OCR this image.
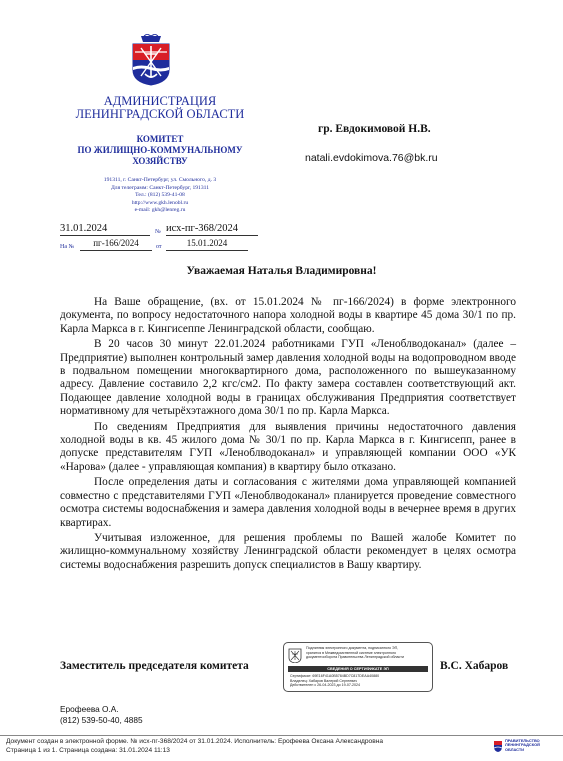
АДМИНИСТРАЦИЯ
ЛЕНИНГРАДСКОЙ ОБЛАСТИ
КОМИТЕТ
ПО ЖИЛИЩНО-КОММУНАЛЬНОМУ
ХОЗЯЙСТВУ
191311, г. Санкт-Петербург, ул. Смольного, д. 3
Для телеграмм: Санкт-Петербург, 191311
Тел.: (812) 539-41-08
http://www.gkh.lenobl.ru
e-mail: gkh@lenreg.ru
31.01.2024	№ исх-пг-368/2024
На №	пг-166/2024	от	15.01.2024
гр. Евдокимовой Н.В.
natali.evdokimova.76@bk.ru
Уважаемая Наталья Владимировна!

На Ваше обращение, (вх. от 15.01.2024 № пг-166/2024) в форме электронного документа, по вопросу недостаточного напора холодной воды в квартире 45 дома 30/1 по пр. Карла Маркса в г. Кингисеппе Ленинградской области, сообщаю.

В 20 часов 30 минут 22.01.2024 работниками ГУП «Леноблводоканал» (далее – Предприятие) выполнен контрольный замер давления холодной воды на водопроводном вводе в подвальном помещении многоквартирного дома, расположенного по вышеуказанному адресу. Давление составило 2,2 кгс/см2. По факту замера составлен соответствующий акт. Подающее давление холодной воды в границах обслуживания Предприятия соответствует нормативному для четырёхэтажного дома 30/1 по пр. Карла Маркса.

По сведениям Предприятия для выявления причины недостаточного давления холодной воды в кв. 45 жилого дома № 30/1 по пр. Карла Маркса в г. Кингисепп, ранее в допуске представителям ГУП «Леноблводоканал» и управляющей компании ООО «УК «Нарова» (далее - управляющая компания) в квартиру было отказано.

После определения даты и согласования с жителями дома управляющей компанией совместно с представителями ГУП «Леноблводоканал» планируется проведение совместного осмотра системы водоснабжения и замера давления холодной воды в вечернее время в других квартирах.

Учитывая изложенное, для решения проблемы по Вашей жалобе Комитет по жилищно-коммунальному хозяйству Ленинградской области рекомендует в целях осмотра системы водоснабжения разрешить допуск специалистов в Вашу квартиру.

Заместитель председателя комитета
Подлинник электронного документа, подписанного ЭП,
хранится в Межведомственной системе электронного
документооборота Правительства Ленинградской области
СВЕДЕНИЯ О СЕРТИФИКАТЕ ЭП
Сертификат: 69E16F41A0B5784BD7C817DEAA40880
Владелец: Хабаров Валерий Сергеевич
Действителен с 26-04-2023 до 19-07-2024
В.С. Хабаров
Ерофеева О.А.
(812) 539-50-40, 4885
Документ создан в электронной форме. № исх-пг-368/2024 от 31.01.2024. Исполнитель: Ерофеева Оксана Александровна
Страница 1 из 1. Страница создана: 31.01.2024 11:13
ПРАВИТЕЛЬСТВО
ЛЕНИНГРАДСКОЙ
ОБЛАСТИ
